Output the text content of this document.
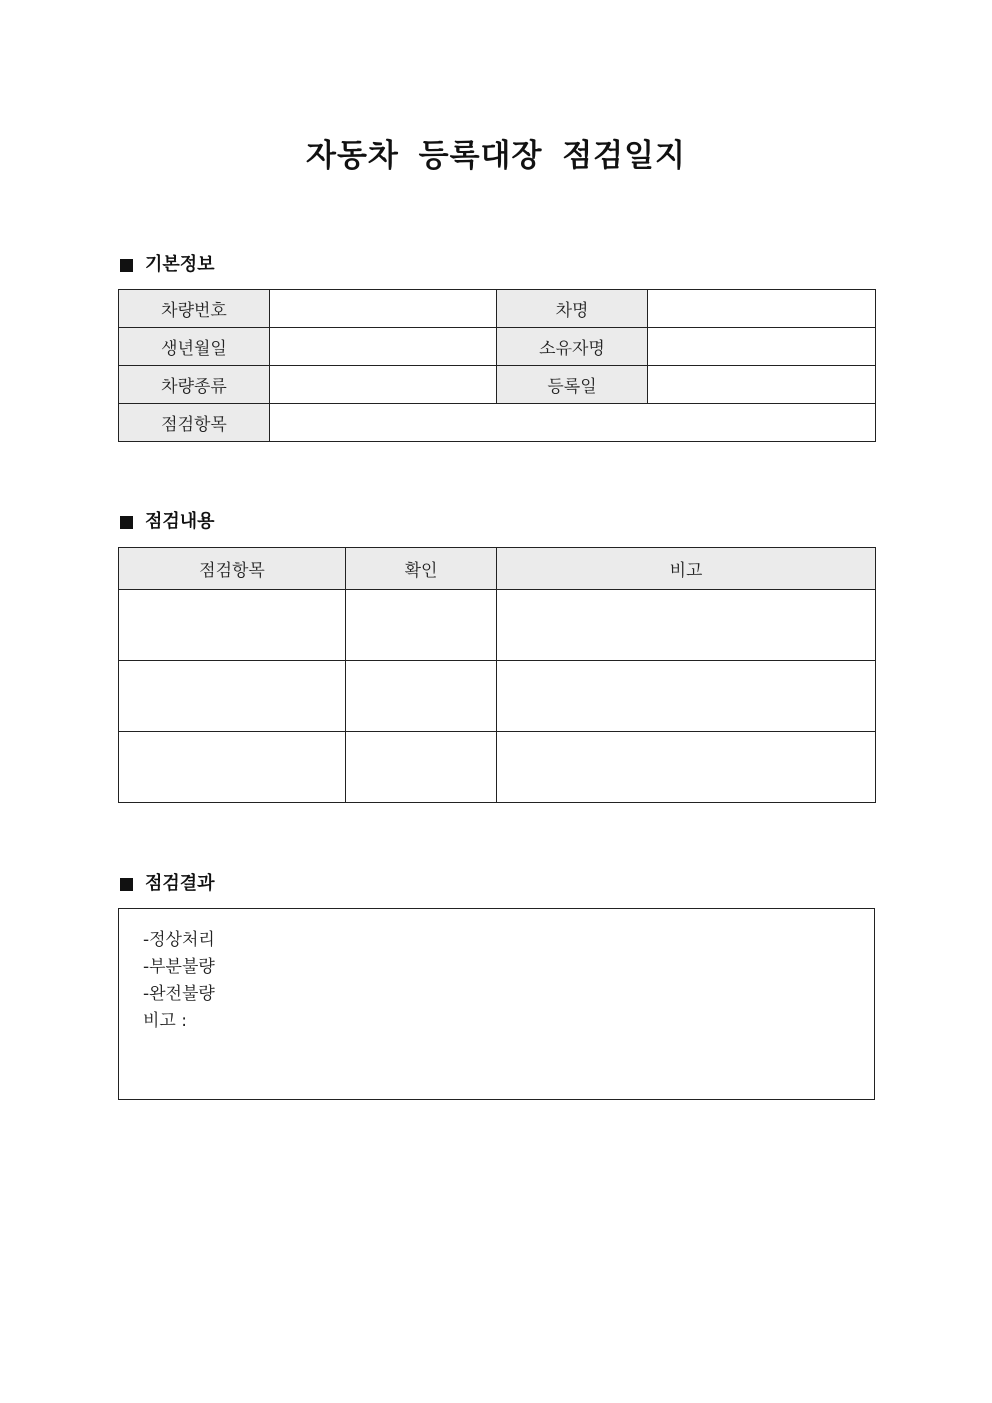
자동차 등록대장 점검일지
기본정보
차량번호		차명	
생년월일		소유자명	
차량종류		등록일	
점검항목			
점검내용
점검항목	확인	비고

점검결과
-정상처리
-부분불량
-완전불량
비고 :
